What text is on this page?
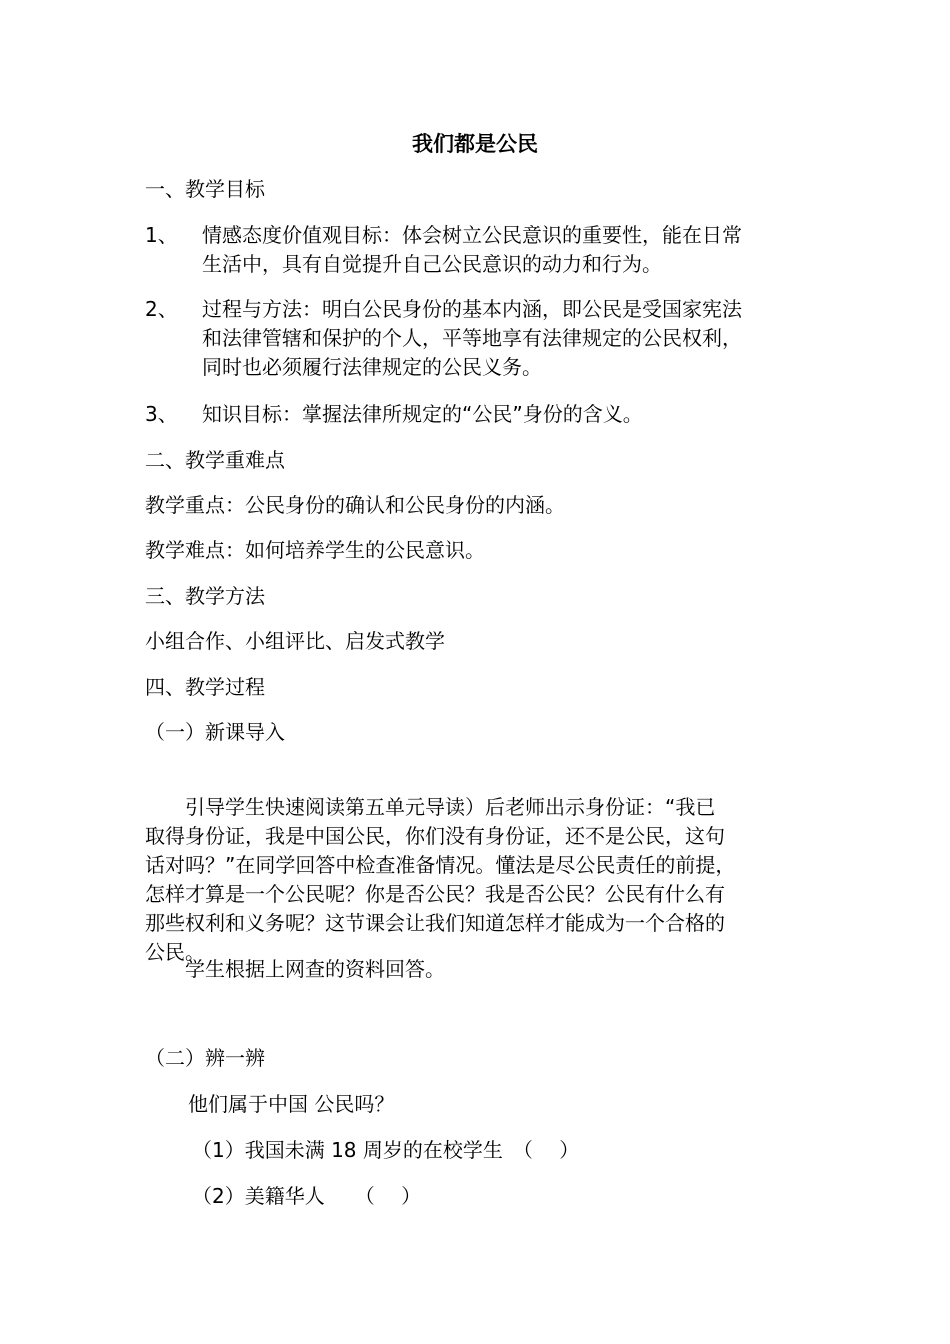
我们都是公民
一、教学目标
1、 情感态度价值观目标：体会树立公民意识的重要性，能在日常
生活中，具有自觉提升自己公民意识的动力和行为。
2、 过程与方法：明白公民身份的基本内涵，即公民是受国家宪法
和法律管辖和保护的个人，平等地享有法律规定的公民权利，
同时也必须履行法律规定的公民义务。
3、 知识目标：掌握法律所规定的“公民”身份的含义。
二、教学重难点
教学重点：公民身份的确认和公民身份的内涵。
教学难点：如何培养学生的公民意识。
三、教学方法
小组合作、小组评比、启发式教学
四、教学过程
（一）新课导入

引导学生快速阅读第五单元导读）后老师出示身份证：“我已
取得身份证，我是中国公民，你们没有身份证，还不是公民，这句
话对吗？”在同学回答中检查准备情况。懂法是尽公民责任的前提，
怎样才算是一个公民呢？你是否公民？我是否公民？公民有什么有
那些权利和义务呢？这节课会让我们知道怎样才能成为一个合格的
公民。

学生根据上网查的资料回答。
（二）辨一辨
他们属于中国 公民吗？
（1）我国未满 18 周岁的在校学生　（　 ）
（2）美籍华人　　（　 ）
